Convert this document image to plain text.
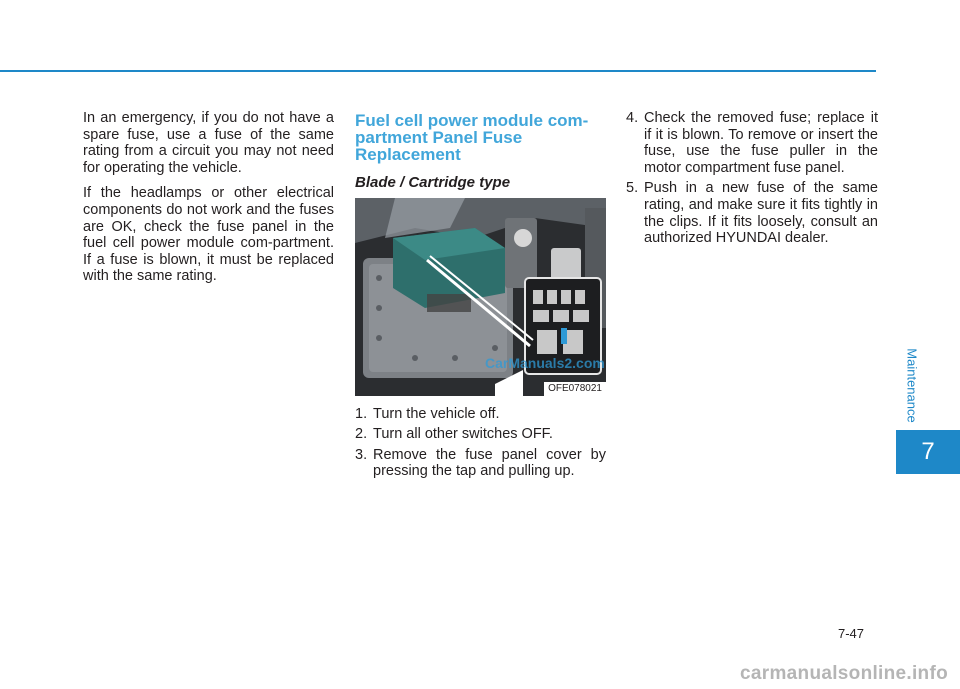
In an emergency, if you do not have a spare fuse, use a fuse of the same rating from a circuit you may not need for operating the vehicle.

If the headlamps or other electrical components do not work and the fuses are OK, check the fuse panel in the fuel cell power module com-partment. If a fuse is blown, it must be replaced with the same rating.

Fuel cell power module com-partment Panel Fuse Replacement
Blade / Cartridge type
CarManuals2.com
OFE078021
1. Turn the vehicle off.
2. Turn all other switches OFF.
3. Remove the fuse panel cover by pressing the tap and pulling up.
4. Check the removed fuse; replace it if it is blown. To remove or insert the fuse, use the fuse puller in the motor compartment fuse panel.
5. Push in a new fuse of the same rating, and make sure it fits tightly in the clips. If it fits loosely, consult an authorized HYUNDAI dealer.
Maintenance
7
7-47
carmanualsonline.info
